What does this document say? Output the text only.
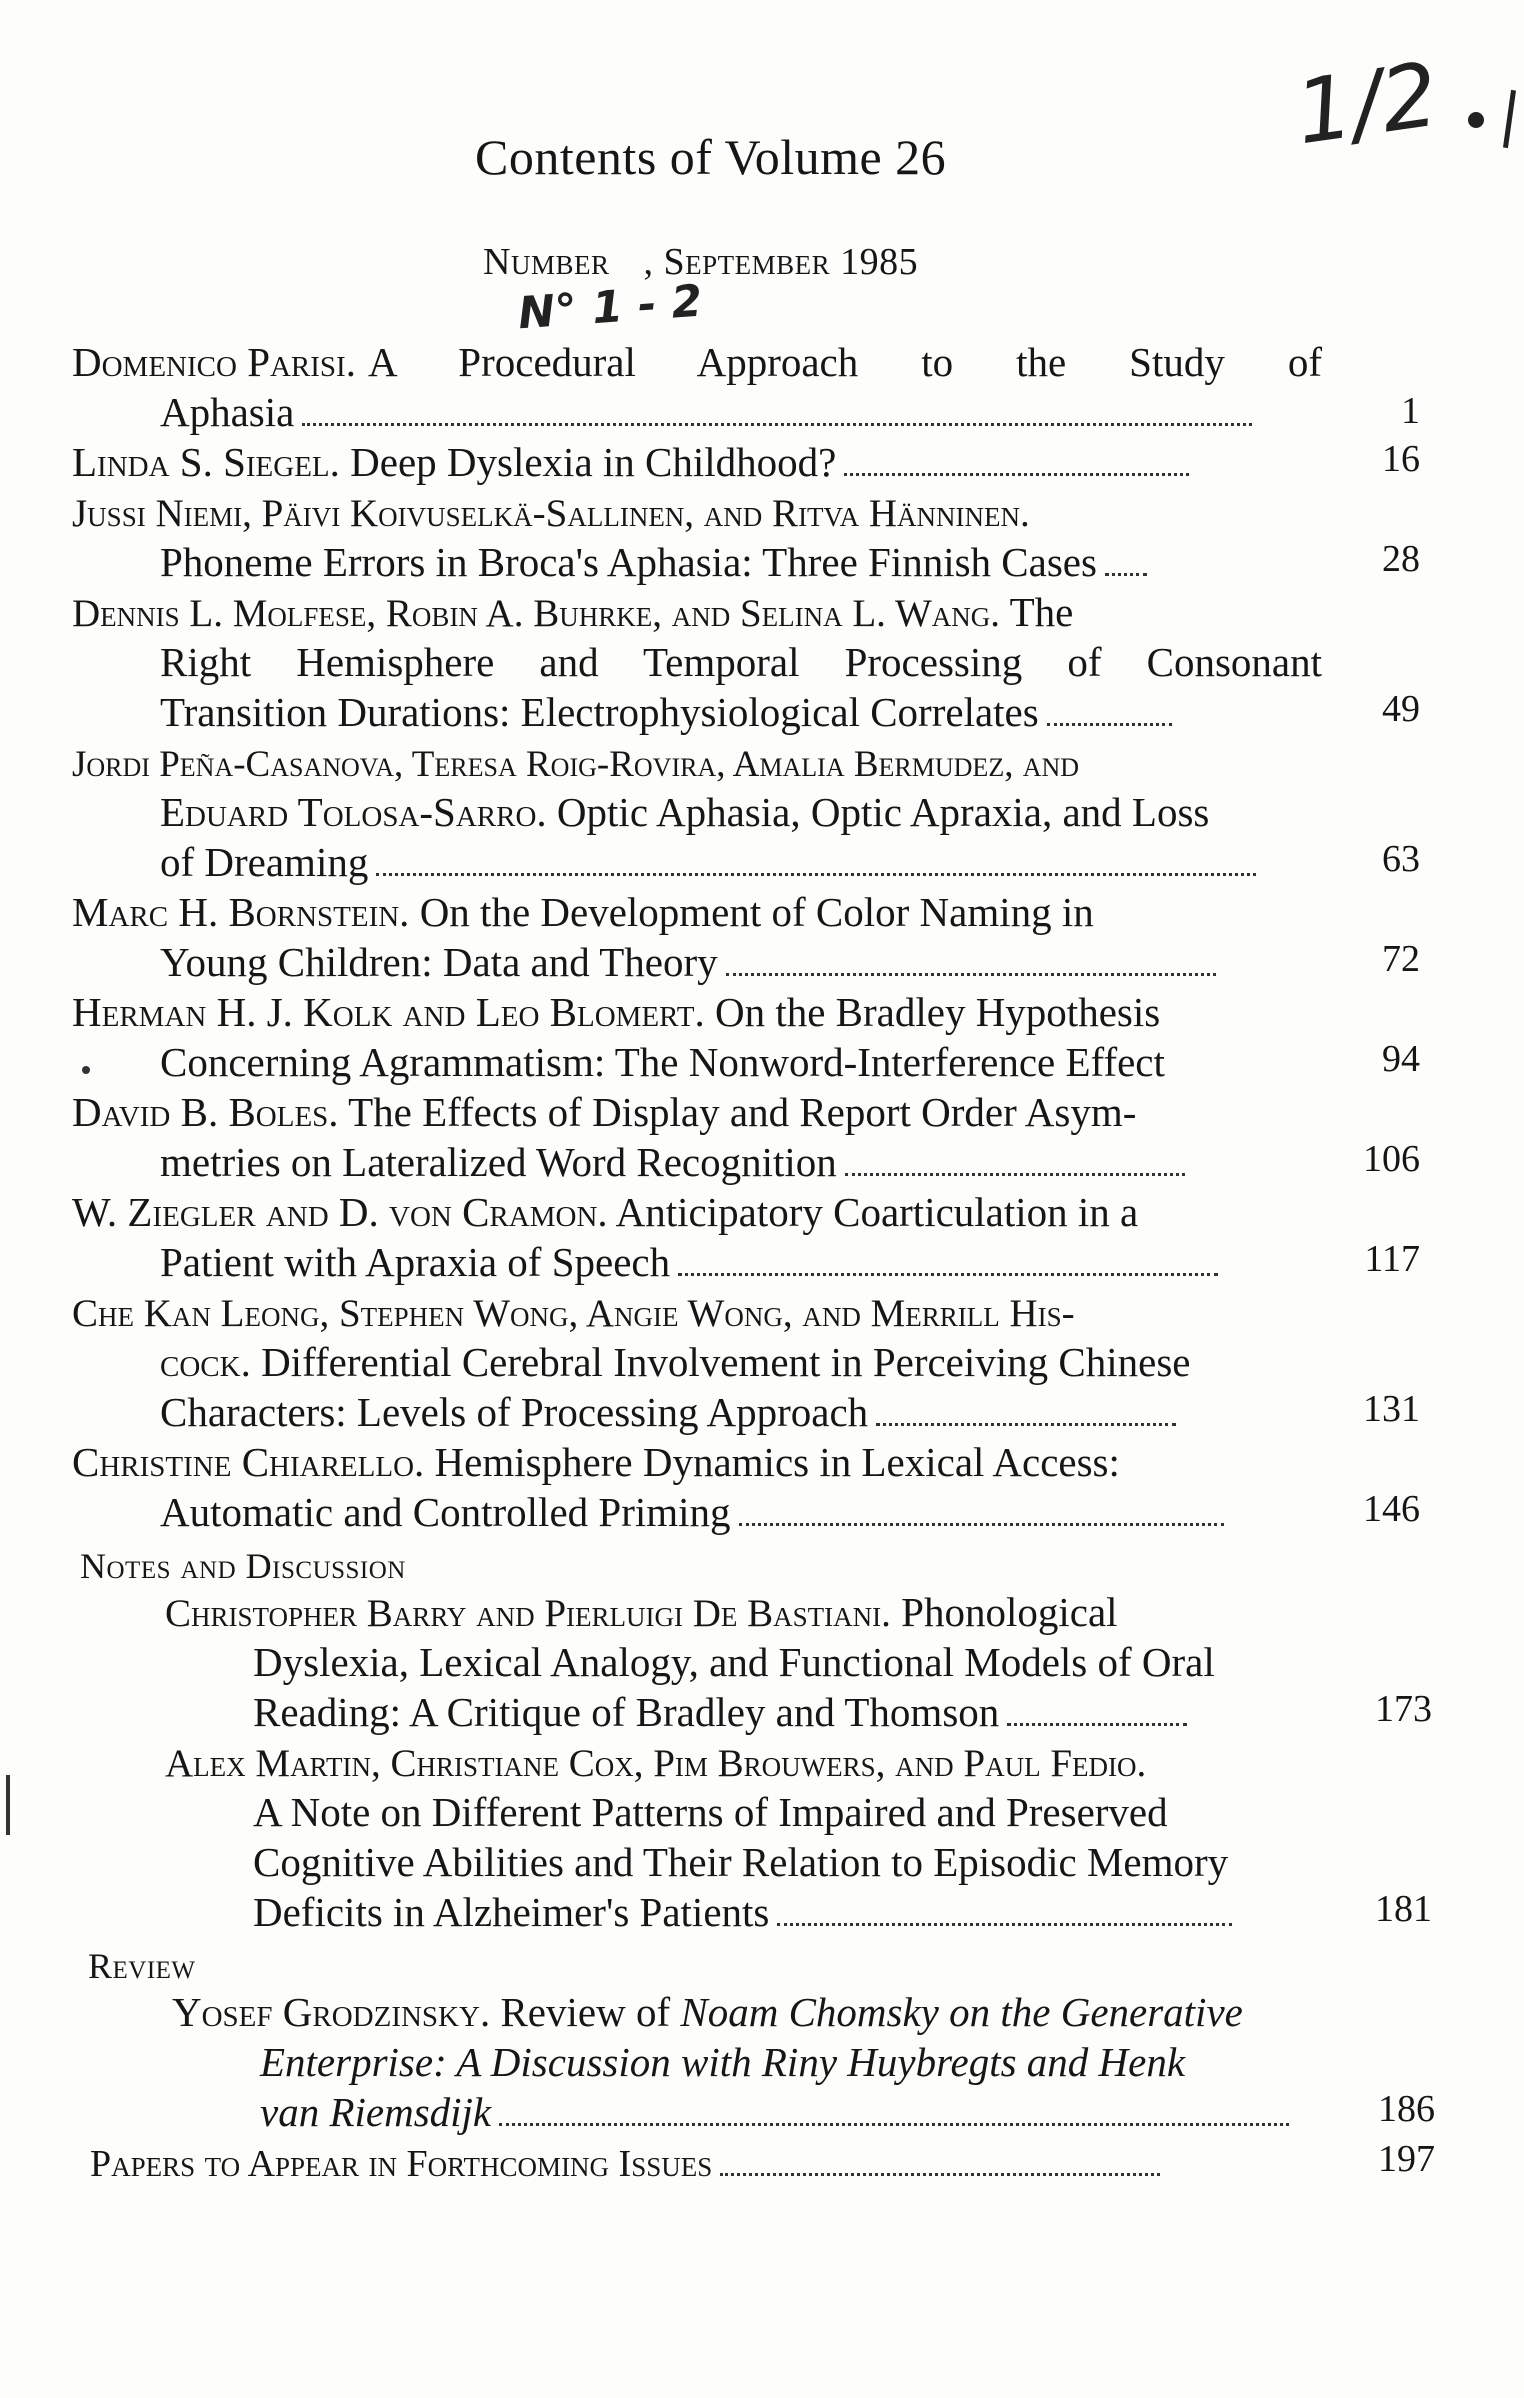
Contents of Volume 26	1/2
Number , September 1985
N° 1 - 2
Domenico Parisi. A Procedural Approach to the Study of
Aphasia	1
Linda S. Siegel. Deep Dyslexia in Childhood?	16
Jussi Niemi, Päivi Koivuselkä-Sallinen, and Ritva Hänninen.
Phoneme Errors in Broca's Aphasia: Three Finnish Cases	28
Dennis L. Molfese, Robin A. Buhrke, and Selina L. Wang. The
Right Hemisphere and Temporal Processing of Consonant
Transition Durations: Electrophysiological Correlates	49
Jordi Peña-Casanova, Teresa Roig-Rovira, Amalia Bermudez, and
Eduard Tolosa-Sarro. Optic Aphasia, Optic Apraxia, and Loss
of Dreaming	63
Marc H. Bornstein. On the Development of Color Naming in
Young Children: Data and Theory	72
Herman H. J. Kolk and Leo Blomert. On the Bradley Hypothesis
Concerning Agrammatism: The Nonword-Interference Effect	94
David B. Boles. The Effects of Display and Report Order Asym-
metries on Lateralized Word Recognition	106
W. Ziegler and D. von Cramon. Anticipatory Coarticulation in a
Patient with Apraxia of Speech	117
Che Kan Leong, Stephen Wong, Angie Wong, and Merrill His-
cock. Differential Cerebral Involvement in Perceiving Chinese
Characters: Levels of Processing Approach	131
Christine Chiarello. Hemisphere Dynamics in Lexical Access:
Automatic and Controlled Priming	146
Notes and Discussion
Christopher Barry and Pierluigi De Bastiani. Phonological
Dyslexia, Lexical Analogy, and Functional Models of Oral
Reading: A Critique of Bradley and Thomson	173
Alex Martin, Christiane Cox, Pim Brouwers, and Paul Fedio.
A Note on Different Patterns of Impaired and Preserved
Cognitive Abilities and Their Relation to Episodic Memory
Deficits in Alzheimer's Patients	181
Review
Yosef Grodzinsky. Review of Noam Chomsky on the Generative
Enterprise: A Discussion with Riny Huybregts and Henk
van Riemsdijk	186
Papers to Appear in Forthcoming Issues	197
